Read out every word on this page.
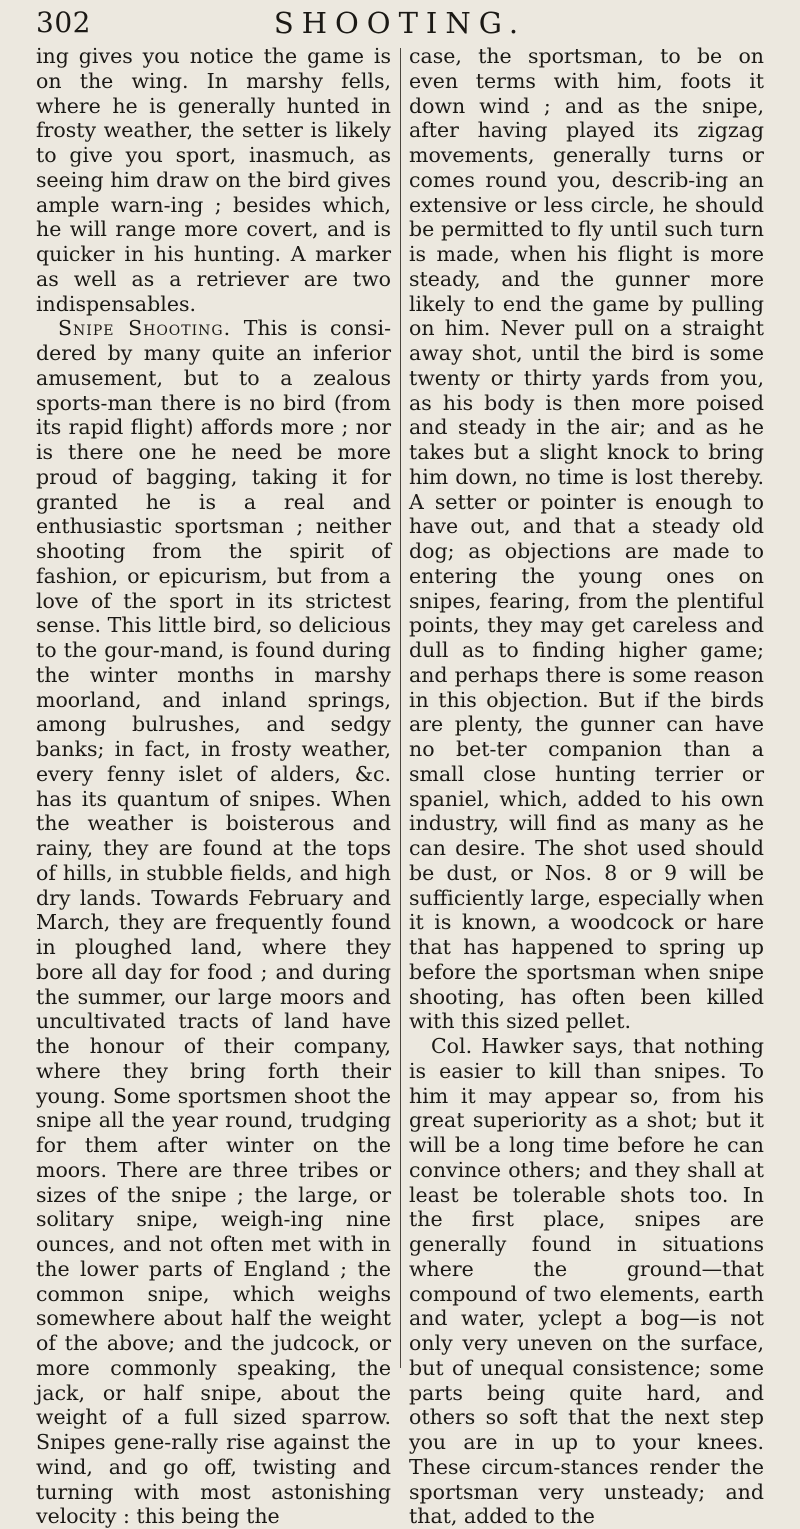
302	SHOOTING.

ing gives you notice the game is on the wing. In marshy fells, where he is generally hunted in frosty weather, the setter is likely to give you sport, inasmuch, as seeing him draw on the bird gives ample warn-ing ; besides which, he will range more covert, and is quicker in his hunting. A marker as well as a retriever are two indispensables.

Snipe Shooting. This is consi-dered by many quite an inferior amusement, but to a zealous sports-man there is no bird (from its rapid flight) affords more ; nor is there one he need be more proud of bagging, taking it for granted he is a real and enthusiastic sportsman ; neither shooting from the spirit of fashion, or epicurism, but from a love of the sport in its strictest sense. This little bird, so delicious to the gour-mand, is found during the winter months in marshy moorland, and inland springs, among bulrushes, and sedgy banks; in fact, in frosty weather, every fenny islet of alders, &c. has its quantum of snipes. When the weather is boisterous and rainy, they are found at the tops of hills, in stubble fields, and high dry lands. Towards February and March, they are frequently found in ploughed land, where they bore all day for food ; and during the summer, our large moors and uncultivated tracts of land have the honour of their company, where they bring forth their young. Some sportsmen shoot the snipe all the year round, trudging for them after winter on the moors. There are three tribes or sizes of the snipe ; the large, or solitary snipe, weigh-ing nine ounces, and not often met with in the lower parts of England ; the common snipe, which weighs somewhere about half the weight of the above; and the judcock, or more commonly speaking, the jack, or half snipe, about the weight of a full sized sparrow. Snipes gene-rally rise against the wind, and go off, twisting and turning with most astonishing velocity : this being the

case, the sportsman, to be on even terms with him, foots it down wind ; and as the snipe, after having played its zigzag movements, generally turns or comes round you, describ-ing an extensive or less circle, he should be permitted to fly until such turn is made, when his flight is more steady, and the gunner more likely to end the game by pulling on him. Never pull on a straight away shot, until the bird is some twenty or thirty yards from you, as his body is then more poised and steady in the air; and as he takes but a slight knock to bring him down, no time is lost thereby. A setter or pointer is enough to have out, and that a steady old dog; as objections are made to entering the young ones on snipes, fearing, from the plentiful points, they may get careless and dull as to finding higher game; and perhaps there is some reason in this objection. But if the birds are plenty, the gunner can have no bet-ter companion than a small close hunting terrier or spaniel, which, added to his own industry, will find as many as he can desire. The shot used should be dust, or Nos. 8 or 9 will be sufficiently large, especially when it is known, a woodcock or hare that has happened to spring up before the sportsman when snipe shooting, has often been killed with this sized pellet.

Col. Hawker says, that nothing is easier to kill than snipes. To him it may appear so, from his great superiority as a shot; but it will be a long time before he can convince others; and they shall at least be tolerable shots too. In the first place, snipes are generally found in situations where the ground—that compound of two elements, earth and water, yclept a bog—is not only very uneven on the surface, but of unequal consistence; some parts being quite hard, and others so soft that the next step you are in up to your knees. These circum-stances render the sportsman very unsteady; and that, added to the
